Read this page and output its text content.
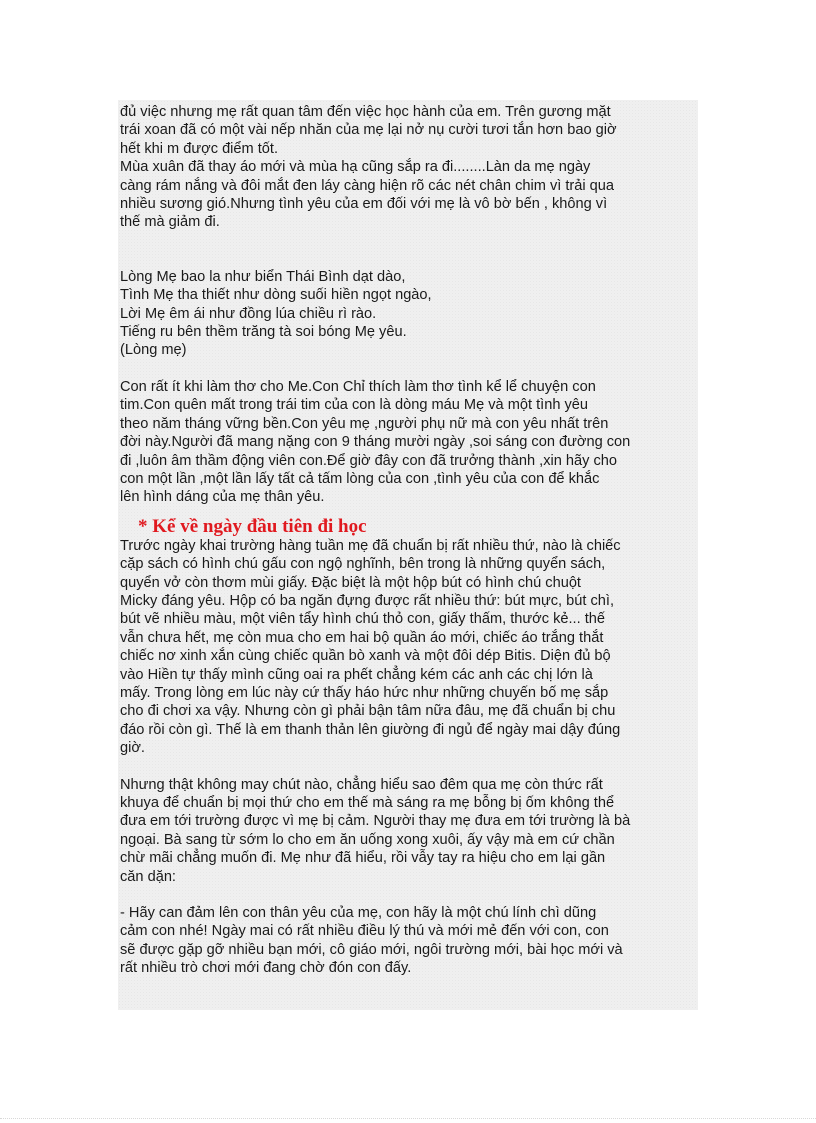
đủ việc nhưng mẹ rất quan tâm đến việc học hành của em. Trên gương mặt

trái xoan đã có một vài nếp nhăn của mẹ lại nở nụ cười tươi tắn hơn bao giờ

hết khi m được điểm tốt.

Mùa xuân đã thay áo mới và mùa hạ cũng sắp ra đi........Làn da mẹ ngày

càng rám nắng và đôi mắt đen láy càng hiện rõ các nét chân chim vì trải qua

nhiều sương gió.Nhưng tình yêu của em đối với mẹ là vô bờ bến , không vì

thế mà giảm đi.

Lòng Mẹ bao la như biển Thái Bình dạt dào,

Tình Mẹ tha thiết như dòng suối hiền ngọt ngào,

Lời Mẹ êm ái như đồng lúa chiều rì rào.

Tiếng ru bên thềm trăng tà soi bóng Mẹ yêu.

(Lòng mẹ)

Con rất ít khi làm thơ cho Me.Con Chỉ thích làm thơ tình kể lể chuyện con

tim.Con quên mất trong trái tim của con là dòng máu Mẹ và một tình yêu

theo năm tháng vững bền.Con yêu mẹ ,người phụ nữ mà con yêu nhất trên

đời này.Người đã mang nặng con 9 tháng mười ngày ,soi sáng con đường con

đi ,luôn âm thầm động viên con.Để giờ đây con đã trưởng thành ,xin hãy cho

con một lần ,một lần lấy tất cả tấm lòng của con ,tình yêu của con để khắc

lên hình dáng của mẹ thân yêu.

* Kể về ngày đầu tiên đi học

Trước ngày khai trường hàng tuần mẹ đã chuẩn bị rất nhiều thứ, nào là chiếc

cặp sách có hình chú gấu con ngộ nghĩnh, bên trong là những quyển sách,

quyển vở còn thơm mùi giấy. Đặc biệt là một hộp bút có hình chú chuột

Micky đáng yêu. Hộp có ba ngăn đựng được rất nhiều thứ: bút mực, bút chì,

bút vẽ nhiều màu, một viên tẩy hình chú thỏ con, giấy thấm, thước kẻ... thế

vẫn chưa hết, mẹ còn mua cho em hai bộ quần áo mới, chiếc áo trắng thắt

chiếc nơ xinh xắn cùng chiếc quần bò xanh và một đôi dép Bitis. Diện đủ bộ

vào Hiền tự thấy mình cũng oai ra phết chẳng kém các anh các chị lớn là

mấy. Trong lòng em lúc này cứ thấy háo hức như những chuyến bố mẹ sắp

cho đi chơi xa vậy. Nhưng còn gì phải bận tâm nữa đâu, mẹ đã chuẩn bị chu

đáo rồi còn gì. Thế là em thanh thản lên giường đi ngủ để ngày mai dậy đúng

giờ.

Nhưng thật không may chút nào, chẳng hiểu sao đêm qua mẹ còn thức rất

khuya để chuẩn bị mọi thứ cho em thế mà sáng ra mẹ bỗng bị ốm không thể

đưa em tới trường được vì mẹ bị cảm. Người thay mẹ đưa em tới trường là bà

ngoại. Bà sang từ sớm lo cho em ăn uống xong xuôi, ấy vậy mà em cứ chần

chừ mãi chẳng muốn đi. Mẹ như đã hiểu, rồi vẫy tay ra hiệu cho em lại gần

căn dặn:

- Hãy can đảm lên con thân yêu của mẹ, con hãy là một chú lính chì dũng

cảm con nhé! Ngày mai có rất nhiều điều lý thú và mới mẻ đến với con, con

sẽ được gặp gỡ nhiều bạn mới, cô giáo mới, ngôi trường mới, bài học mới và

rất nhiều trò chơi mới đang chờ đón con đấy.
